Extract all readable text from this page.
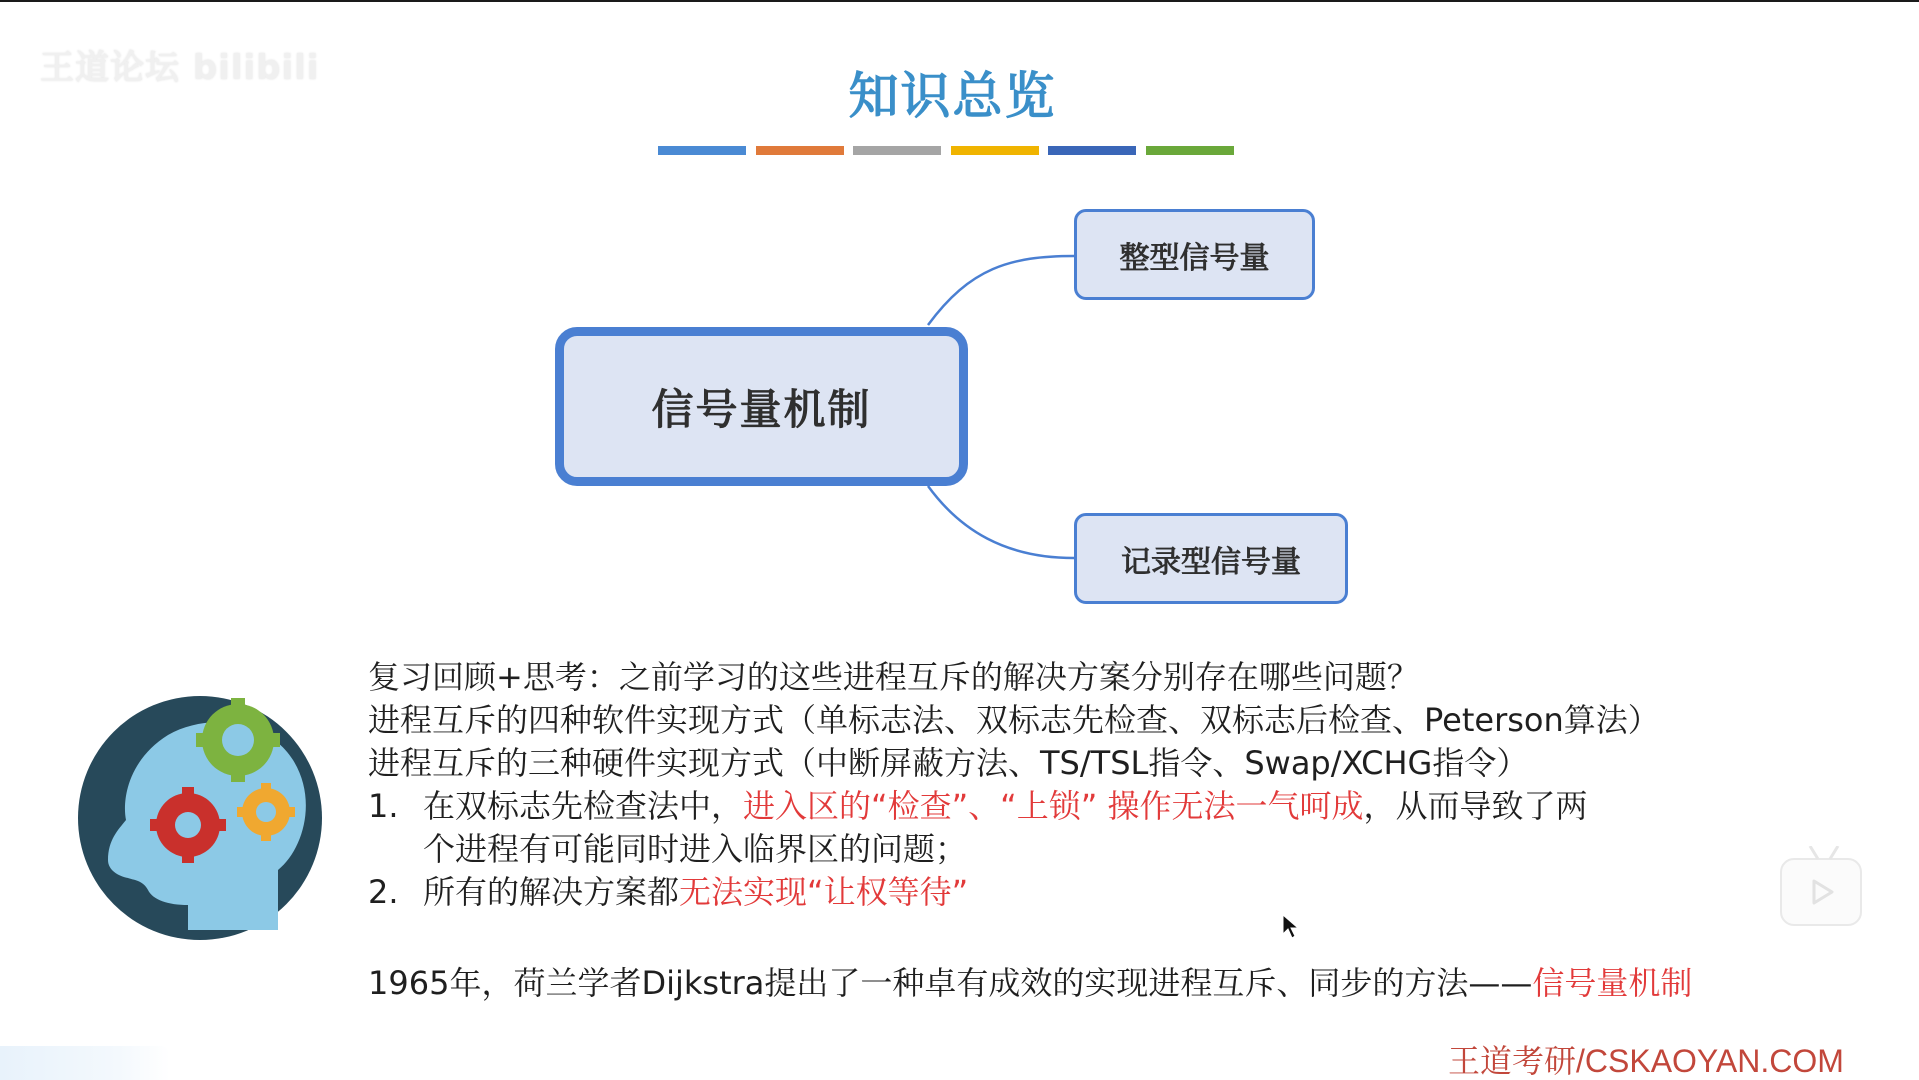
王道论坛 bilibili	知识总览
信号量机制
整型信号量
记录型信号量
复习回顾+思考：之前学习的这些进程互斥的解决方案分别存在哪些问题？
进程互斥的四种软件实现方式（单标志法、双标志先检查、双标志后检查、Peterson算法）
进程互斥的三种硬件实现方式（中断屏蔽方法、TS/TSL指令、Swap/XCHG指令）
1. 在双标志先检查法中，进入区的“检查”、“上锁” 操作无法一气呵成，从而导致了两
个进程有可能同时进入临界区的问题；
2. 所有的解决方案都无法实现“让权等待”
1965年，荷兰学者Dijkstra提出了一种卓有成效的实现进程互斥、同步的方法——信号量机制
王道考研/CSKAOYAN.COM
